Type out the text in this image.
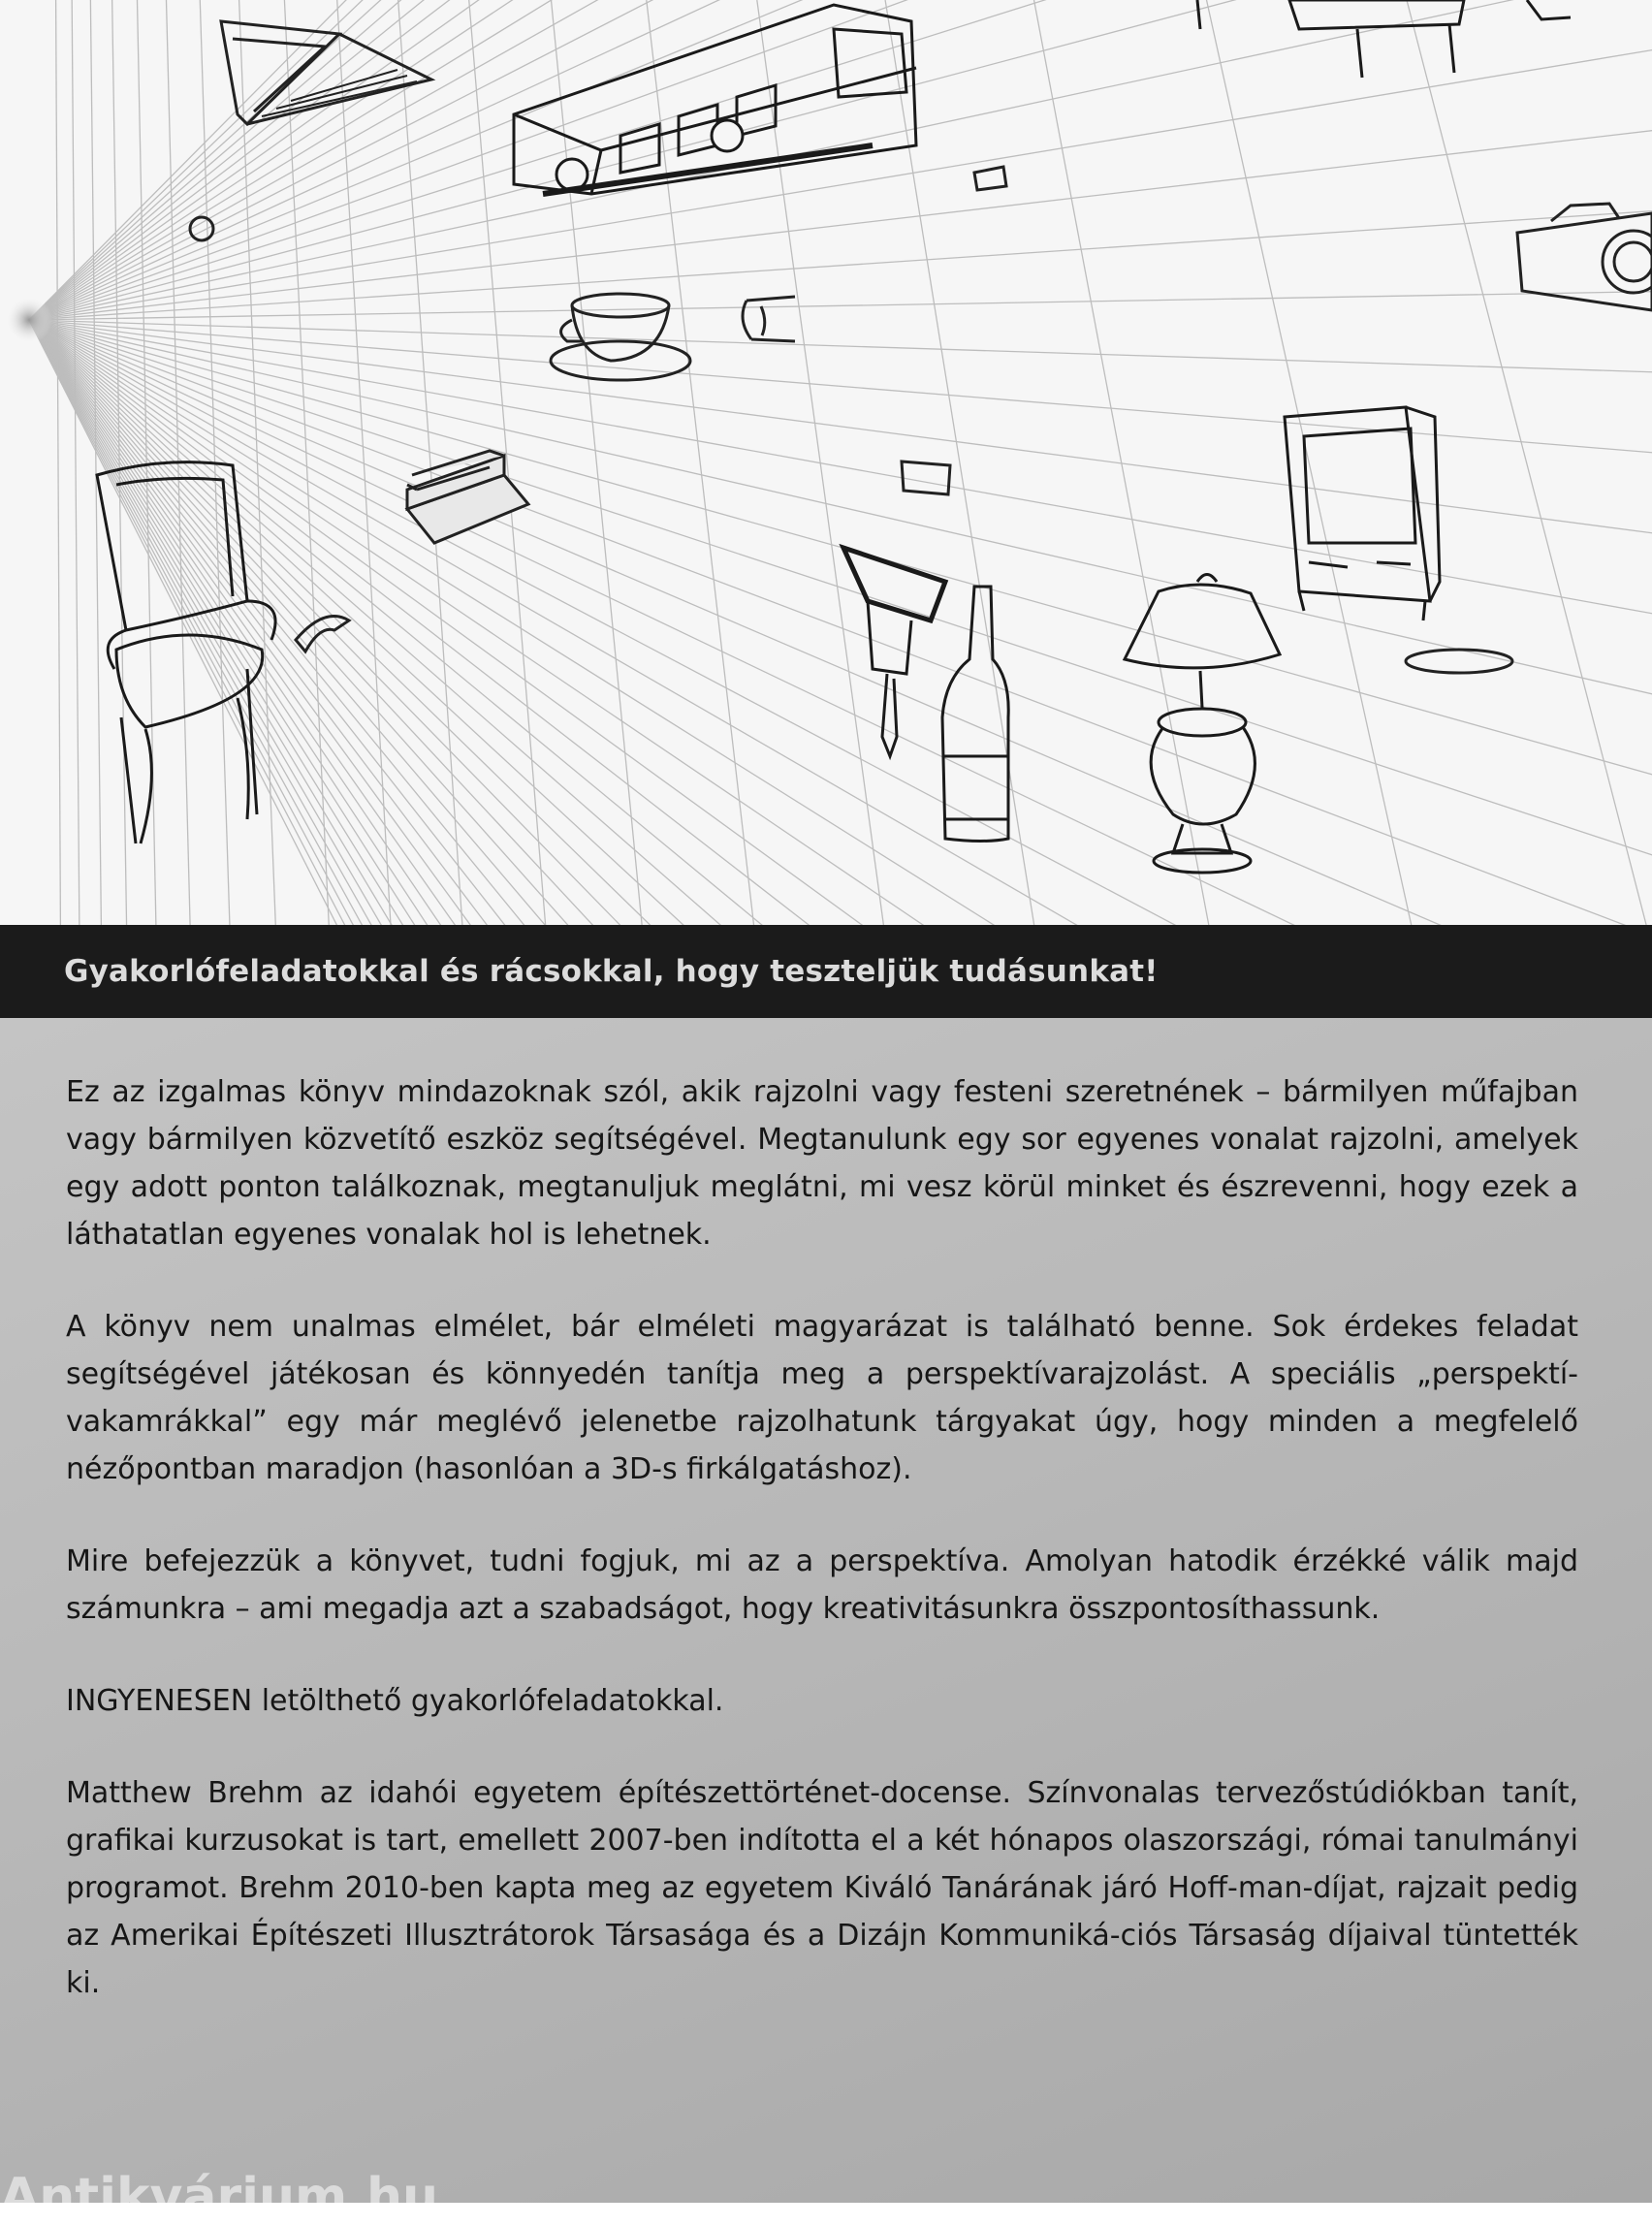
Gyakorlófeladatokkal és rácsokkal, hogy teszteljük tudásunkat!

Ez az izgalmas könyv mindazoknak szól, akik rajzolni vagy festeni szeretnének – bármilyen műfajban vagy bármilyen közvetítő eszköz segítségével. Megtanulunk egy sor egyenes vonalat rajzolni, amelyek egy adott ponton találkoznak, megtanuljuk meglátni, mi vesz körül minket és észrevenni, hogy ezek a láthatatlan egyenes vonalak hol is lehetnek.

A könyv nem unalmas elmélet, bár elméleti magyarázat is található benne. Sok érdekes feladat segítségével játékosan és könnyedén tanítja meg a perspektívarajzolást. A speciális „perspektí-vakamrákkal” egy már meglévő jelenetbe rajzolhatunk tárgyakat úgy, hogy minden a megfelelő nézőpontban maradjon (hasonlóan a 3D-s firkálgatáshoz).

Mire befejezzük a könyvet, tudni fogjuk, mi az a perspektíva. Amolyan hatodik érzékké válik majd számunkra – ami megadja azt a szabadságot, hogy kreativitásunkra összpontosíthassunk.

INGYENESEN letölthető gyakorlófeladatokkal.

Matthew Brehm az idahói egyetem építészettörténet-docense. Színvonalas tervezőstúdiókban tanít, grafikai kurzusokat is tart, emellett 2007-ben indította el a két hónapos olaszországi, római tanulmányi programot. Brehm 2010-ben kapta meg az egyetem Kiváló Tanárának járó Hoff-man-díjat, rajzait pedig az Amerikai Építészeti Illusztrátorok Társasága és a Dizájn Kommuniká-ciós Társaság díjaival tüntették ki.

Antikvárium.hu
